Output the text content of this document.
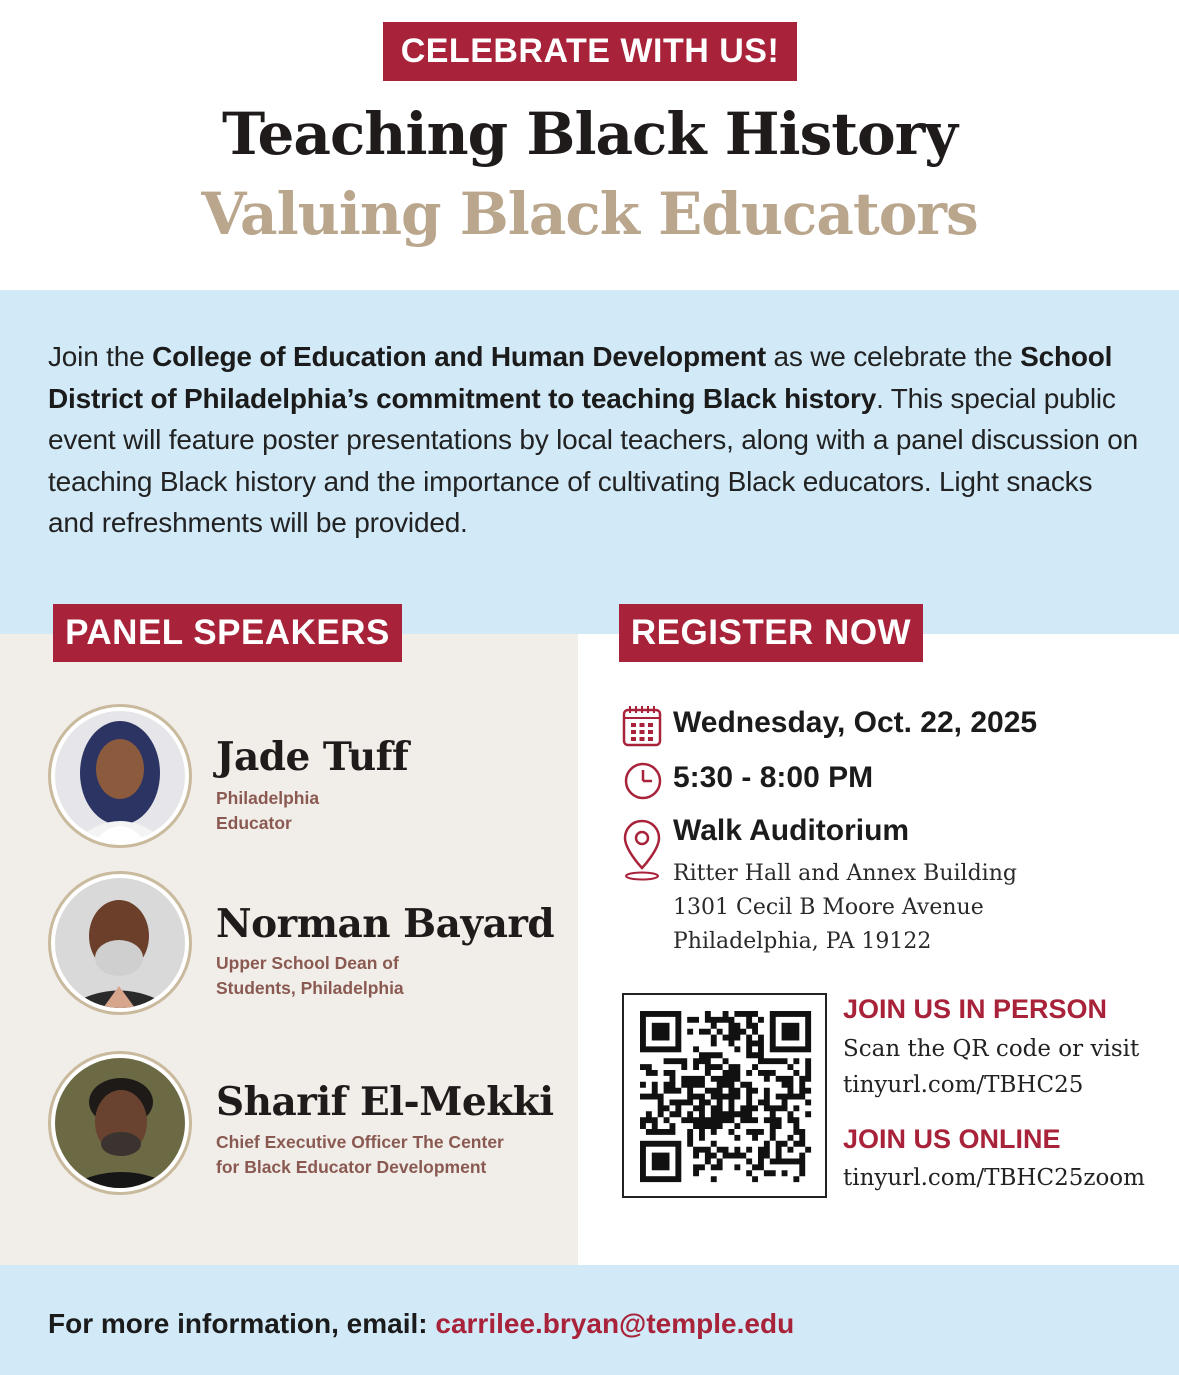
CELEBRATE WITH US!
Teaching Black History
Valuing Black Educators

Join the College of Education and Human Development as we celebrate the School District of Philadelphia’s commitment to teaching Black history. This special public event will feature poster presentations by local teachers, along with a panel discussion on teaching Black history and the importance of cultivating Black educators. Light snacks and refreshments will be provided.

PANEL SPEAKERS	REGISTER NOW
Jade Tuff
Philadelphia
Educator
Norman Bayard
Upper School Dean of
Students, Philadelphia
Sharif El-Mekki
Chief Executive Officer The Center
for Black Educator Development
Wednesday, Oct. 22, 2025
5:30 - 8:00 PM
Walk Auditorium
Ritter Hall and Annex Building
1301 Cecil B Moore Avenue
Philadelphia, PA 19122
JOIN US IN PERSON
Scan the QR code or visit
tinyurl.com/TBHC25
JOIN US ONLINE
tinyurl.com/TBHC25zoom
For more information, email: carrilee.bryan@temple.edu
